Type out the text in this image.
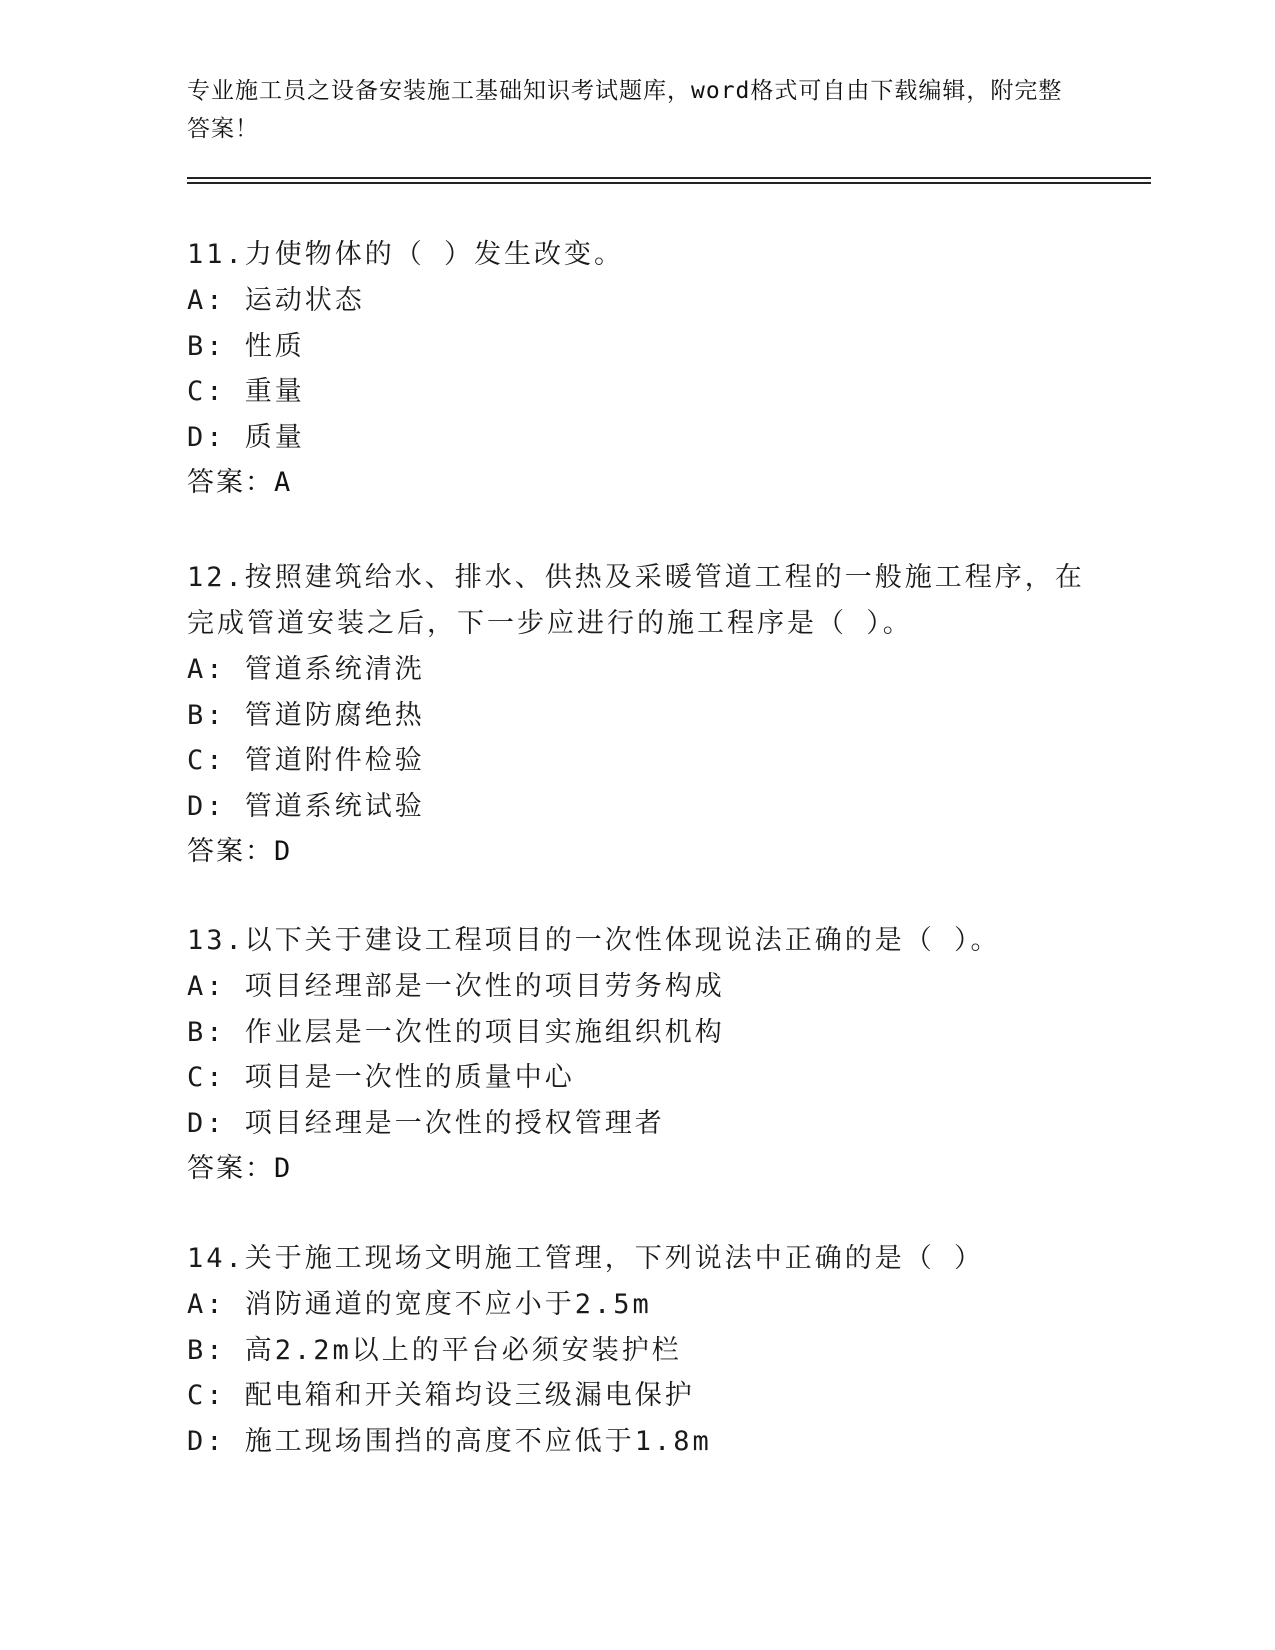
专业施工员之设备安装施工基础知识考试题库，word格式可自由下载编辑，附完整答案！

11.力使物体的（ ）发生改变。

A: 运动状态

B: 性质

C: 重量

D: 质量

答案：A

12.按照建筑给水、排水、供热及采暖管道工程的一般施工程序，在完成管道安装之后，下一步应进行的施工程序是（ ）。

A: 管道系统清洗

B: 管道防腐绝热

C: 管道附件检验

D: 管道系统试验

答案：D

13.以下关于建设工程项目的一次性体现说法正确的是（ ）。

A: 项目经理部是一次性的项目劳务构成

B: 作业层是一次性的项目实施组织机构

C: 项目是一次性的质量中心

D: 项目经理是一次性的授权管理者

答案：D

14.关于施工现场文明施工管理，下列说法中正确的是（ ）

A: 消防通道的宽度不应小于2.5m

B: 高2.2m以上的平台必须安装护栏

C: 配电箱和开关箱均设三级漏电保护

D: 施工现场围挡的高度不应低于1.8m
